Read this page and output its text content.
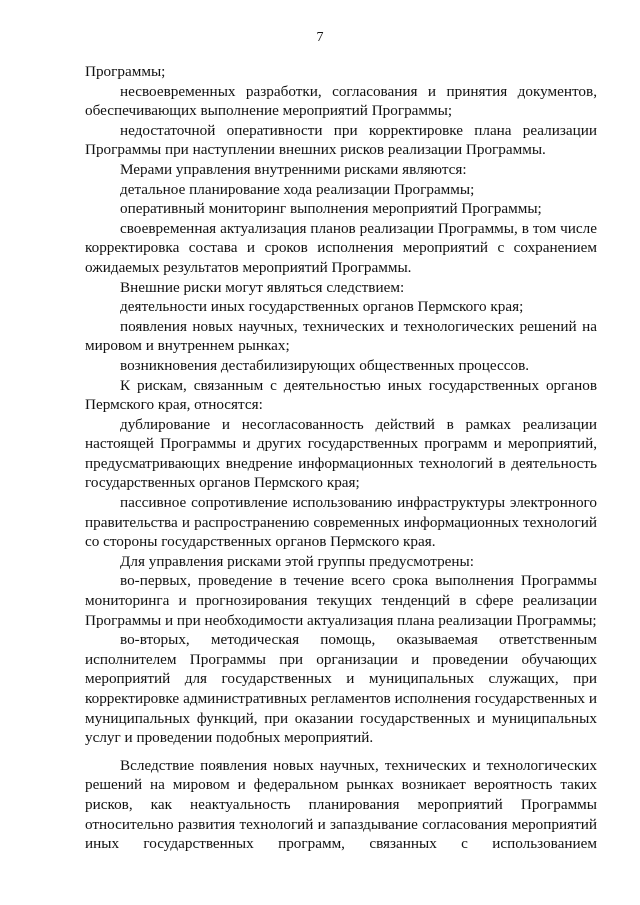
7

Программы;

несвоевременных разработки, согласования и принятия документов, обеспечивающих выполнение мероприятий Программы;

недостаточной оперативности при корректировке плана реализации Программы при наступлении внешних рисков реализации Программы.

Мерами управления внутренними рисками являются:

детальное планирование хода реализации Программы;

оперативный мониторинг выполнения мероприятий Программы;

своевременная актуализация планов реализации Программы, в том числе корректировка состава и сроков исполнения мероприятий с сохранением ожидаемых результатов мероприятий Программы.

Внешние риски могут являться следствием:

деятельности иных государственных органов Пермского края;

появления новых научных, технических и технологических решений на мировом и внутреннем рынках;

возникновения дестабилизирующих общественных процессов.

К рискам, связанным с деятельностью иных государственных органов Пермского края, относятся:

дублирование и несогласованность действий в рамках реализации настоящей Программы и других государственных программ и мероприятий, предусматривающих внедрение информационных технологий в деятельность государственных органов Пермского края;

пассивное сопротивление использованию инфраструктуры электронного правительства и распространению современных информационных технологий со стороны государственных органов Пермского края.

Для управления рисками этой группы предусмотрены:

во-первых, проведение в течение всего срока выполнения Программы мониторинга и прогнозирования текущих тенденций в сфере реализации Программы и при необходимости актуализация плана реализации Программы;

во-вторых, методическая помощь, оказываемая ответственным исполнителем Программы при организации и проведении обучающих мероприятий для государственных и муниципальных служащих, при корректировке административных регламентов исполнения государственных и муниципальных функций, при оказании государственных и муниципальных услуг и проведении подобных мероприятий.

Вследствие появления новых научных, технических и технологических решений на мировом и федеральном рынках возникает вероятность таких рисков, как неактуальность планирования мероприятий Программы относительно развития технологий и запаздывание согласования мероприятий иных государственных программ, связанных с использованием
